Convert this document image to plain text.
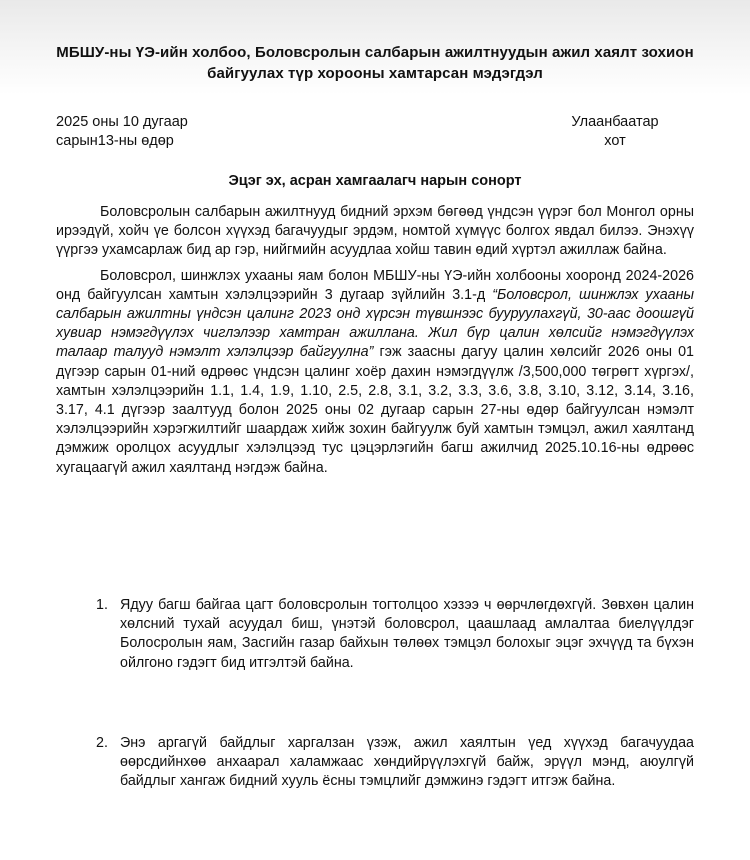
МБШУ-ны ҮЭ-ийн холбоо, Боловсролын салбарын ажилтнуудын ажил хаялт зохион байгуулах түр хорооны хамтарсан мэдэгдэл
2025 оны 10 дугаар
сарын13-ны өдөр
Улаанбаатар
хот
Эцэг эх, асран хамгаалагч нарын сонорт

Боловсролын салбарын ажилтнууд бидний эрхэм бөгөөд үндсэн үүрэг бол Монгол орны ирээдүй, хойч үе болсон хүүхэд багачуудыг эрдэм, номтой хүмүүс болгох явдал билээ. Энэхүү үүргээ ухамсарлаж бид ар гэр, нийгмийн асуудлаа хойш тавин өдий хүртэл ажиллаж байна.

Боловсрол, шинжлэх ухааны яам болон МБШУ-ны ҮЭ-ийн холбооны хооронд 2024-2026 онд байгуулсан хамтын хэлэлцээрийн 3 дугаар зүйлийн 3.1-д “Боловсрол, шинжлэх ухааны салбарын ажилтны үндсэн цалинг 2023 онд хүрсэн түвшнээс бууруулахгүй, 30-аас доошгүй хувиар нэмэгдүүлэх чиглэлээр хамтран ажиллана. Жил бүр цалин хөлсийг нэмэгдүүлэх талаар талууд нэмэлт хэлэлцээр байгуулна” гэж заасны дагуу цалин хөлсийг 2026 оны 01 дүгээр сарын 01-ний өдрөөс үндсэн цалинг хоёр дахин нэмэгдүүлж /3,500,000 төгрөгт хүргэх/, хамтын хэлэлцээрийн 1.1, 1.4, 1.9, 1.10, 2.5, 2.8, 3.1, 3.2, 3.3, 3.6, 3.8, 3.10, 3.12, 3.14, 3.16, 3.17, 4.1 дүгээр заалтууд болон 2025 оны 02 дугаар сарын 27-ны өдөр байгуулсан нэмэлт хэлэлцээрийн хэрэгжилтийг шаардаж хийж зохин байгуулж буй хамтын тэмцэл, ажил хаялтанд дэмжиж оролцох асуудлыг хэлэлцээд тус цэцэрлэгийн багш ажилчид 2025.10.16-ны өдрөөс хугацаагүй ажил хаялтанд нэгдэж байна.

1. Ядуу багш байгаа цагт боловсролын тогтолцоо хэзээ ч өөрчлөгдөхгүй. Зөвхөн цалин хөлсний тухай асуудал биш, үнэтэй боловсрол, цаашлаад амлалтаа биелүүлдэг Болосролын яам, Засгийн газар байхын төлөөх тэмцэл болохыг эцэг эхчүүд та бүхэн ойлгоно гэдэгт бид итгэлтэй байна.
2. Энэ аргагүй байдлыг харгалзан үзэж, ажил хаялтын үед хүүхэд багачуудаа өөрсдийнхөө анхаарал халамжаас хөндийрүүлэхгүй байж, эрүүл мэнд, аюулгүй байдлыг хангаж бидний хууль ёсны тэмцлийг дэмжинэ гэдэгт итгэж байна.
